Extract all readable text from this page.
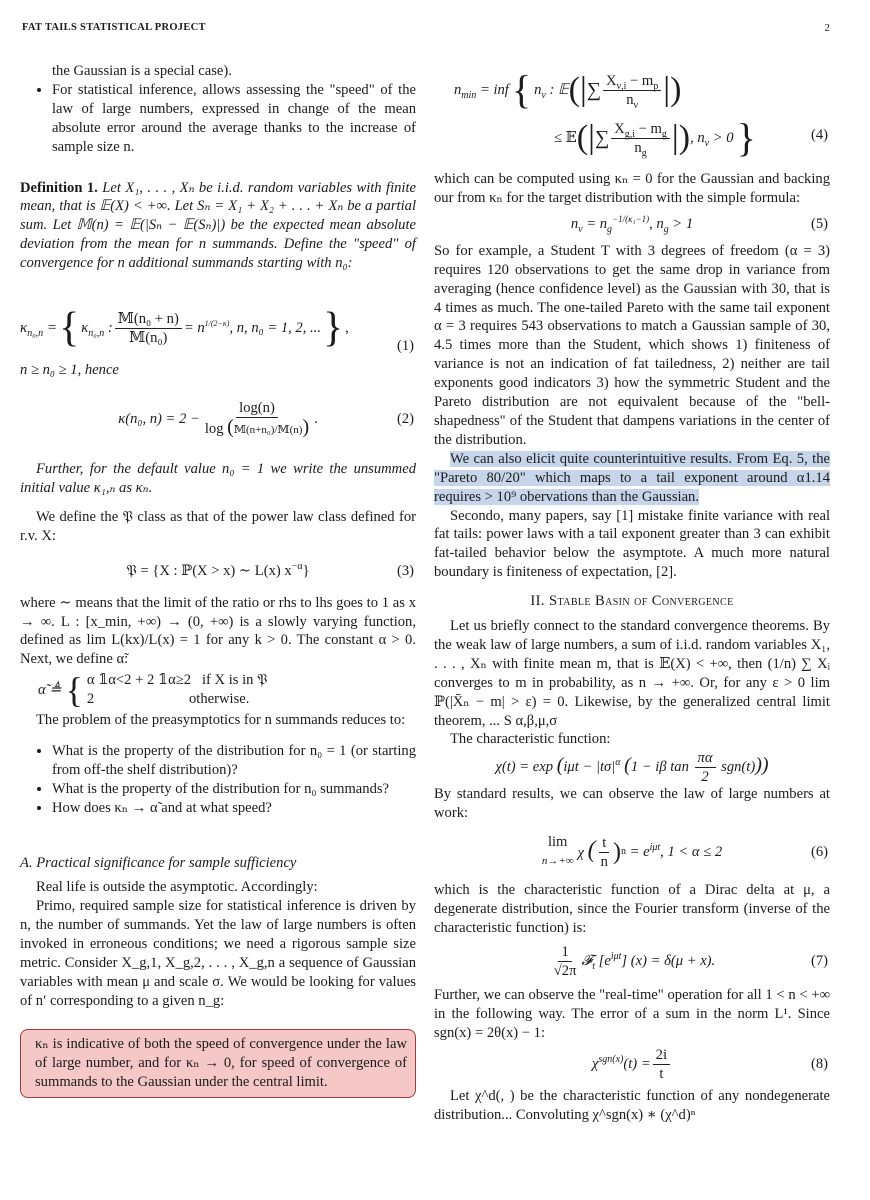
FAT TAILS STATISTICAL PROJECT	2

the Gaussian is a special case).

• For statistical inference, allows assessing the "speed" of the law of large numbers, expressed in change of the mean absolute error around the average thanks to the increase of sample size n.

Definition 1. Let X₁, . . . , Xₙ be i.i.d. random variables with finite mean, that is 𝔼(X) < +∞. Let Sₙ = X₁ + X₂ + . . . + Xₙ be a partial sum. Let 𝕄(n) = 𝔼(|Sₙ − 𝔼(Sₙ)|) be the expected mean absolute deviation from the mean for n summands. Define the "speed" of convergence for n additional summands starting with n₀:

$\kappa_{n_0,n}$ = { $\kappa_{n_0,n}$ : $\frac{\text{𝕄(n₀ + n)}}{\text{𝕄(n₀)}} = n^{1/(2-\kappa)}$, n, n₀ = 1, 2, ... } ,
(1)

n ≥ n₀ ≥ 1, hence

κ(n₀, $n) = 2 - \frac{\log(n)}{\text{log (𝕄(n+n₀)/𝕄(n))}}$ .	(2)

Further, for the default value n₀ = 1 we write the unsummed initial value κ₁,ₙ as κₙ.

We define the 𝔓 class as that of the power law class defined for r.v. X:

𝔓 = {X : ℙ(X > x) ∼ L(x) $x^{-\alpha}$}	(3)

where ∼ means that the limit of the ratio or rhs to lhs goes to 1 as x → ∞. L : [x_min, +∞) → (0, +∞) is a slowly varying function, defined as lim L(kx)/L(x) = 1 for any k > 0. The constant α > 0. Next, we define α̃:

α̃ ≜ { α 𝟙α<2 + 2 𝟙α≥2   if X is in 𝔓
2                          otherwise.

The problem of the preasymptotics for n summands reduces to:

• What is the property of the distribution for n₀ = 1 (or starting from off-the shelf distribution)?
• What is the property of the distribution for n₀ summands?
• How does κₙ → α̃ and at what speed?

A. Practical significance for sample sufficiency

Real life is outside the asymptotic. Accordingly:

Primo, required sample size for statistical inference is driven by n, the number of summands. Yet the law of large numbers is often invoked in erroneous conditions; we need a rigorous sample size metric. Consider X_g,1, X_g,2, . . . , X_g,n a sequence of Gaussian variables with mean μ and scale σ. We would be looking for values of n′ corresponding to a given n_g:

κₙ is indicative of both the speed of convergence under the law of large number, and for κₙ → 0, for speed of convergence of summands to the Gaussian under the central limit.
$n_{min}$ = inf { $n_\nu$ : 𝔼 (| ∑ $\frac{X_{\nu,i} - m_p}{n_\nu}$ |)
≤ 𝔼 (| ∑ $\frac{X_{g,i} - m_g}{n_g}$ |) , $n_\nu > 0$ }	(4)

which can be computed using κₙ = 0 for the Gaussian and backing our from κₙ for the target distribution with the simple formula:

$n_\nu = n_g^{-1/(\kappa_1-1)}$, $n_g > 1$	(5)

So for example, a Student T with 3 degrees of freedom (α = 3) requires 120 observations to get the same drop in variance from averaging (hence confidence level) as the Gaussian with 30, that is 4 times as much. The one-tailed Pareto with the same tail exponent α = 3 requires 543 observations to match a Gaussian sample of 30, 4.5 times more than the Student, which shows 1) finiteness of variance is not an indication of fat tailedness, 2) neither are tail exponents good indicators 3) how the symmetric Student and the Pareto distribution are not equivalent because of the "bell-shapedness" of the Student that dampens variations in the center of the distribution.

We can also elicit quite counterintuitive results. From Eq. 5, the "Pareto 80/20" which maps to a tail exponent around α1.14 requires > 10⁹ obervations than the Gaussian.

Secondo, many papers, say [1] mistake finite variance with real fat tails: power laws with a tail exponent greater than 3 can exhibit fat-tailed behavior below the asymptote. A much more natural boundary is finiteness of expectation, [2].

II. Stable Basin of Convergence

Let us briefly connect to the standard convergence theorems. By the weak law of large numbers, a sum of i.i.d. random variables X₁, . . . , Xₙ with finite mean m, that is 𝔼(X) < +∞, then (1/n) ∑ Xᵢ converges to m in probability, as n → +∞. Or, for any ε > 0 lim ℙ(|X̄ₙ − m| > ε) = 0. Likewise, by the generalized central limit theorem, ... S α,β,μ,σ

The characteristic function:

$\chi(t) = \exp (i\mu t - |t\sigma|^\alpha$ (1 − iβ $\tan \frac{\pi\alpha}{2} sgn(t)$))

By standard results, we can observe the law of large numbers at work:

lim
n→+∞ χ ( $\frac{t}{n}$ ) $n = e^{i\mu t}$, 1 < α ≤ 2	(6)

which is the characteristic function of a Dirac delta at μ, a degenerate distribution, since the Fourier transform (inverse of the characteristic function) is:

$\frac{1}{√2\pi}$ 𝓕$_t$ $[e^{i\mu t}] (x) = \delta(\mu + x)$.	(7)

Further, we can observe the "real-time" operation for all 1 < n < +∞ in the following way. The error of a sum in the norm L¹. Since sgn(x) = 2θ(x) − 1:

$\chi^{sgn(x)}(t) = \frac{2i}{t}$	(8)

Let χ^d(, ) be the characteristic function of any nondegenerate distribution... Convoluting χ^sgn(x) ∗ (χ^d)ⁿ
